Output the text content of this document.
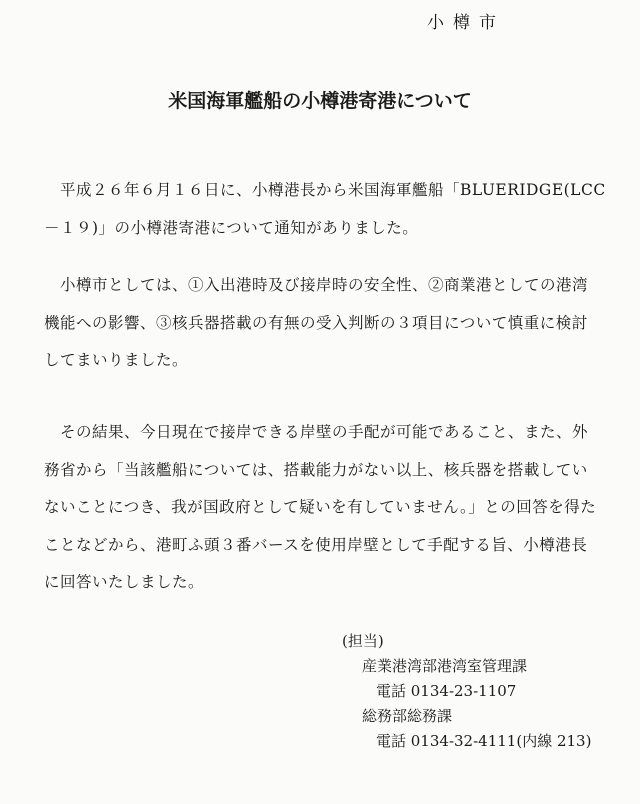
小樽市
米国海軍艦船の小樽港寄港について
　平成２６年６月１６日に、小樽港長から米国海軍艦船「BLUERIDGE(LCC
－１９)」の小樽港寄港について通知がありました。
　小樽市としては、①入出港時及び接岸時の安全性、②商業港としての港湾
機能への影響、③核兵器搭載の有無の受入判断の３項目について慎重に検討
してまいりました。
　その結果、今日現在で接岸できる岸壁の手配が可能であること、また、外
務省から「当該艦船については、搭載能力がない以上、核兵器を搭載してい
ないことにつき、我が国政府として疑いを有していません。」との回答を得た
ことなどから、港町ふ頭３番バースを使用岸壁として手配する旨、小樽港長
に回答いたしました。
(担当)
産業港湾部港湾室管理課
電話 0134-23-1107
総務部総務課
電話 0134-32-4111(内線 213)
